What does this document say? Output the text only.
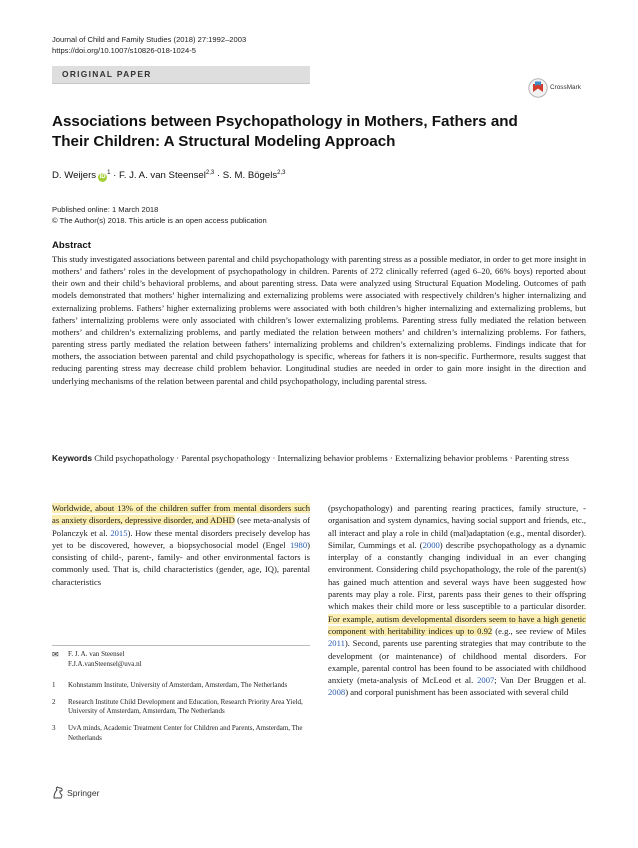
Journal of Child and Family Studies (2018) 27:1992–2003
https://doi.org/10.1007/s10826-018-1024-5
ORIGINAL PAPER
CrossMark
Associations between Psychopathology in Mothers, Fathers and Their Children: A Structural Modeling Approach
D. Weijers $iD^1 \cdot F$. J. A. van Steensel$^{2,3}$ · S. M. Bögels$^{2,3}$
Published online: 1 March 2018
© The Author(s) 2018. This article is an open access publication
Abstract
This study investigated associations between parental and child psychopathology with parenting stress as a possible mediator, in order to get more insight in mothers’ and fathers’ roles in the development of psychopathology in children. Parents of 272 clinically referred (aged 6–20, 66% boys) reported about their own and their child’s behavioral problems, and about parenting stress. Data were analyzed using Structural Equation Modeling. Outcomes of path models demonstrated that mothers’ higher internalizing and externalizing problems were associated with respectively children’s higher internalizing and externalizing problems. Fathers’ higher externalizing problems were associated with both children’s higher internalizing and externalizing problems, but fathers’ internalizing problems were only associated with children’s lower externalizing problems. Parenting stress fully mediated the relation between mothers’ and children’s externalizing problems, and partly mediated the relation between mothers’ and children’s internalizing problems. For fathers, parenting stress partly mediated the relation between fathers’ internalizing problems and children’s externalizing problems. Findings indicate that for mothers, the association between parental and child psychopathology is specific, whereas for fathers it is non-specific. Furthermore, results suggest that reducing parenting stress may decrease child problem behavior. Longitudinal studies are needed in order to gain more insight in the direction and underlying mechanisms of the relation between parental and child psychopathology, including parental stress.
Keywords Child psychopathology · Parental psychopathology · Internalizing behavior problems · Externalizing behavior problems · Parenting stress
Worldwide, about 13% of the children suffer from mental disorders such as anxiety disorders, depressive disorder, and ADHD (see meta-analysis of Polanczyk et al. 2015). How these mental disorders precisely develop has yet to be discovered, however, a biopsychosocial model (Engel 1980) consisting of child-, parent-, family- and other environmental factors is commonly used. That is, child characteristics (gender, age, IQ), parental characteristics
(psychopathology) and parenting rearing practices, family structure, -organisation and system dynamics, having social support and friends, etc., all interact and play a role in child (mal)adaptation (e.g., mental disorder). Similar, Cummings et al. (2000) describe psychopathology as a dynamic interplay of a constantly changing individual in an ever changing environment. Considering child psychopathology, the role of the parent(s) has gained much attention and several ways have been suggested how parents may play a role. First, parents pass their genes to their offspring which makes their child more or less susceptible to a particular disorder. For example, autism developmental disorders seem to have a high genetic component with heritability indices up to 0.92 (e.g., see review of Miles 2011). Second, parents use parenting strategies that may contribute to the development (or maintenance) of childhood mental disorders. For example, parental control has been found to be associated with childhood anxiety (meta-analysis of McLeod et al. 2007; Van Der Bruggen et al. 2008) and corporal punishment has been associated with several child
✉ F. J. A. van Steensel
F.J.A.vanSteensel@uva.nl
1 Kohnstamm Institute, University of Amsterdam, Amsterdam, The Netherlands
2 Research Institute Child Development and Education, Research Priority Area Yield, University of Amsterdam, Amsterdam, The Netherlands
3 UvA minds, Academic Treatment Center for Children and Parents, Amsterdam, The Netherlands
Springer
